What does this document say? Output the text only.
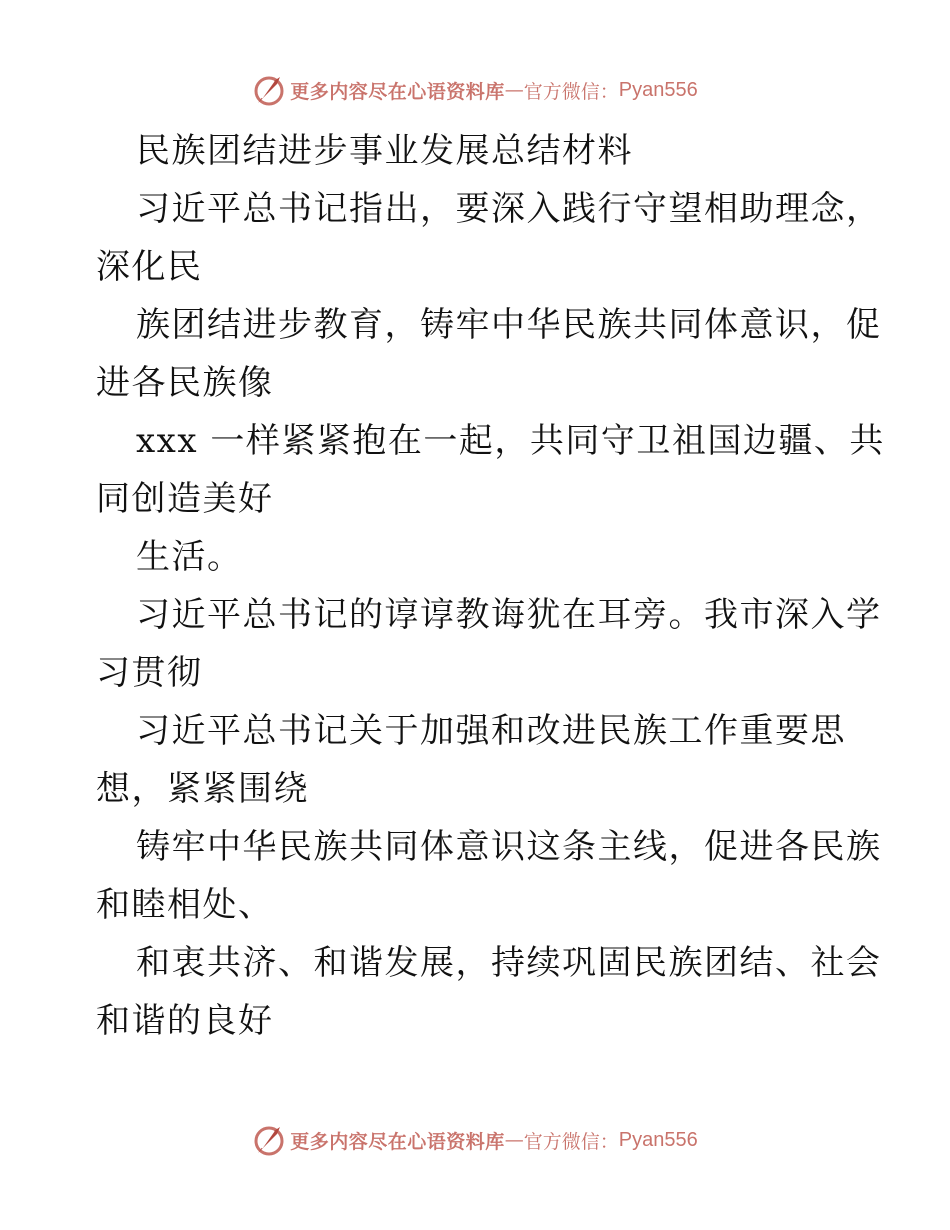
更多内容尽在心语资料库 — 官方微信： Pyan556
民族团结进步事业发展总结材料
习近平总书记指出，要深入践行守望相助理念，
深化民
族团结进步教育，铸牢中华民族共同体意识，促
进各民族像
xxx 一样紧紧抱在一起，共同守卫祖国边疆、共
同创造美好
生活。
习近平总书记的谆谆教诲犹在耳旁。我市深入学
习贯彻
习近平总书记关于加强和改进民族工作重要思
想，紧紧围绕
铸牢中华民族共同体意识这条主线，促进各民族
和睦相处、
和衷共济、和谐发展，持续巩固民族团结、社会
和谐的良好
更多内容尽在心语资料库 — 官方微信： Pyan556
